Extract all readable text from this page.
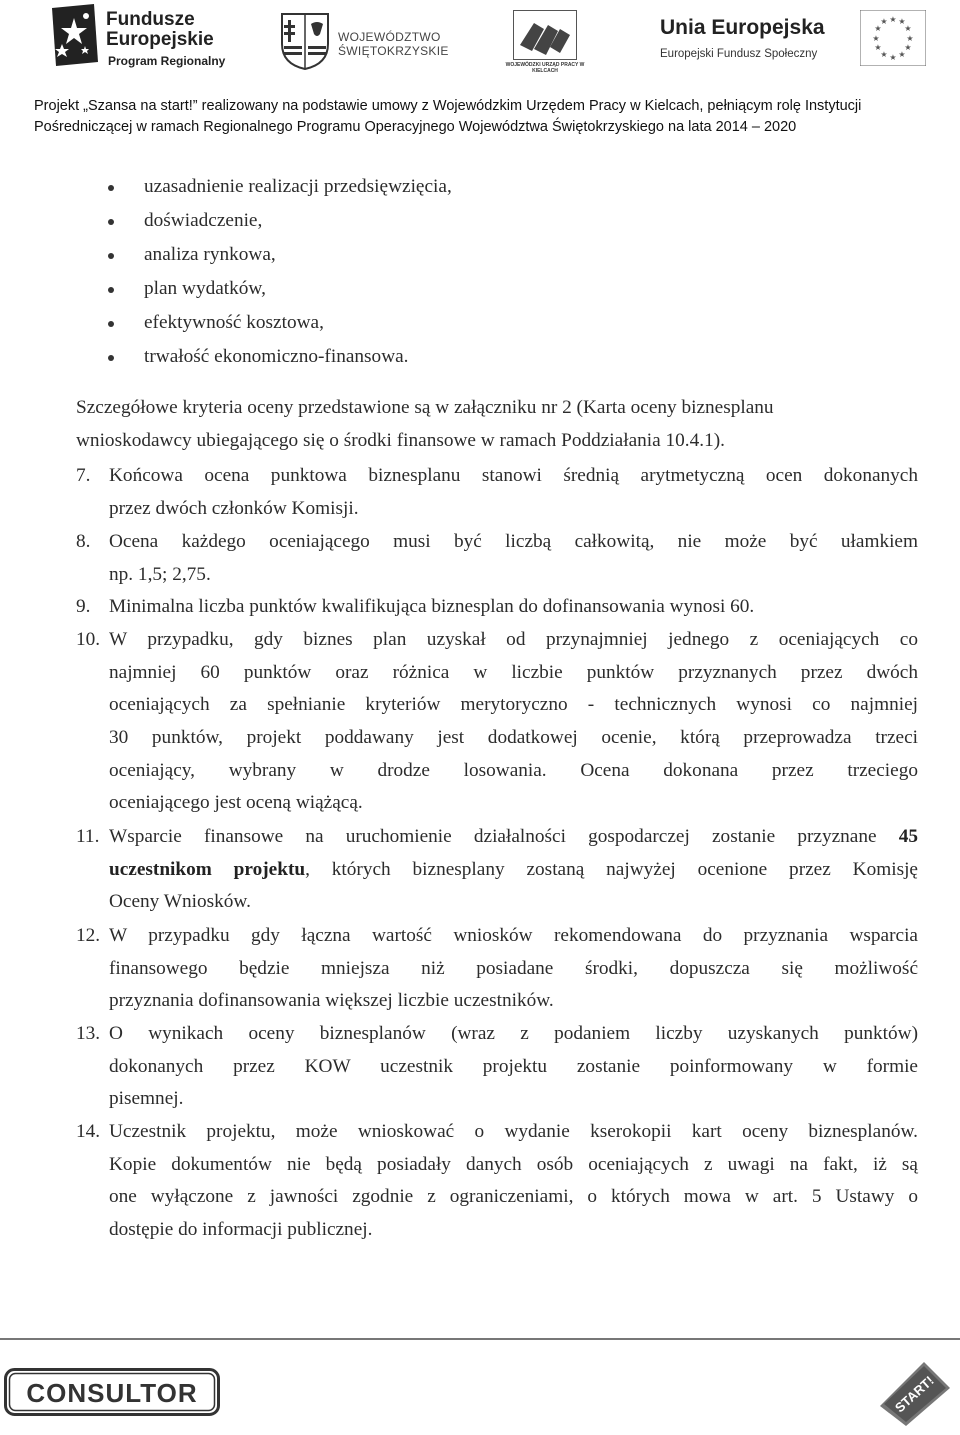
Fundusze
Europejskie
Program Regionalny
WOJEWÓDZTWO
ŚWIĘTOKRZYSKIE
WOJEWÓDZKI URZĄD PRACY W KIELCACH
Unia Europejska
Europejski Fundusz Społeczny
★ ★
★
★
★
★
★
★
★
★
★
★
Projekt „Szansa na start!” realizowany na podstawie umowy z Wojewódzkim Urzędem Pracy w Kielcach, pełniącym rolę Instytucji
Pośredniczącej w ramach Regionalnego Programu Operacyjnego Województwa Świętokrzyskiego na lata 2014 – 2020
uzasadnienie realizacji przedsięwzięcia,
doświadczenie,
analiza rynkowa,
plan wydatków,
efektywność kosztowa,
trwałość ekonomiczno-finansowa.
Szczegółowe kryteria oceny przedstawione są w załączniku nr 2 (Karta oceny biznesplanu
wnioskodawcy ubiegającego się o środki finansowe w ramach Poddziałania 10.4.1).
7. Końcowa ocena punktowa biznesplanu stanowi średnią arytmetyczną ocen dokonanych
przez dwóch członków Komisji.
8. Ocena każdego oceniającego musi być liczbą całkowitą, nie może być ułamkiem
np. 1,5; 2,75.
9. Minimalna liczba punktów kwalifikująca biznesplan do dofinansowania wynosi 60.
10. W przypadku, gdy biznes plan uzyskał od przynajmniej jednego z oceniających co
najmniej 60 punktów oraz różnica w liczbie punktów przyznanych przez dwóch
oceniających za spełnianie kryteriów merytoryczno - technicznych wynosi co najmniej
30 punktów, projekt poddawany jest dodatkowej ocenie, którą przeprowadza trzeci
oceniający, wybrany w drodze losowania. Ocena dokonana przez trzeciego
oceniającego jest oceną wiążącą.
11. Wsparcie finansowe na uruchomienie działalności gospodarczej zostanie przyznane 45
uczestnikom projektu, których biznesplany zostaną najwyżej ocenione przez Komisję
Oceny Wniosków.
12. W przypadku gdy łączna wartość wniosków rekomendowana do przyznania wsparcia
finansowego będzie mniejsza niż posiadane środki, dopuszcza się możliwość
przyznania dofinansowania większej liczbie uczestników.
13. O wynikach oceny biznesplanów (wraz z podaniem liczby uzyskanych punktów)
dokonanych przez KOW uczestnik projektu zostanie poinformowany w formie
pisemnej.
14. Uczestnik projektu, może wnioskować o wydanie kserokopii kart oceny biznesplanów.
Kopie dokumentów nie będą posiadały danych osób oceniających z uwagi na fakt, iż są
one wyłączone z jawności zgodnie z ograniczeniami, o których mowa w art. 5 Ustawy o
dostępie do informacji publicznej.
CONSULTOR	START!
